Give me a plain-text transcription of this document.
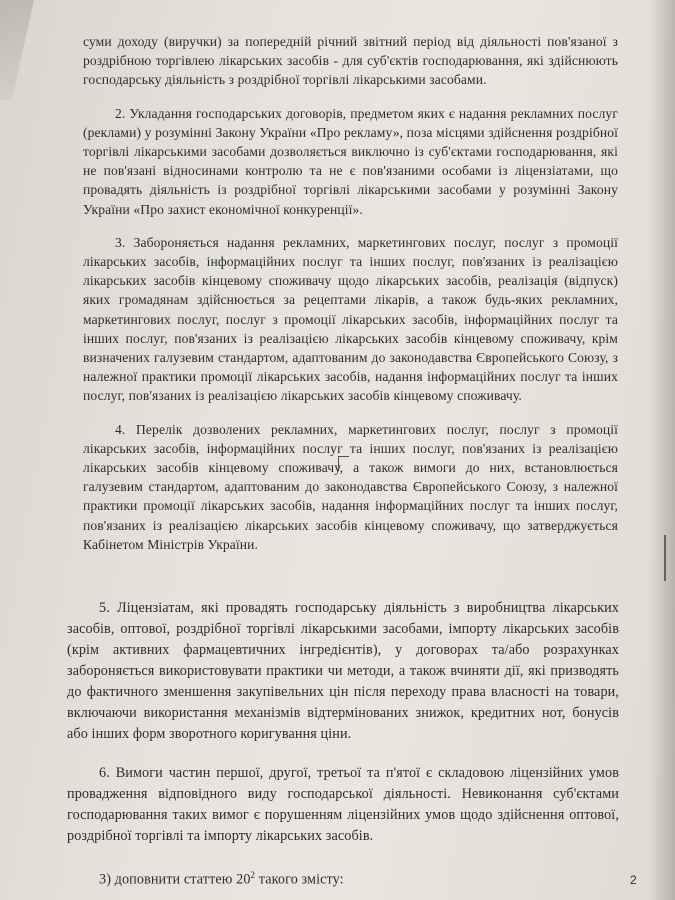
суми доходу (виручки) за попередній річний звітний період від діяльності пов'язаної з роздрібною торгівлею лікарських засобів - для суб'єктів господарювання, які здійснюють господарську діяльність з роздрібної торгівлі лікарськими засобами.

2. Укладання господарських договорів, предметом яких є надання рекламних послуг (реклами) у розумінні Закону України «Про рекламу», поза місцями здійснення роздрібної торгівлі лікарськими засобами дозволяється виключно із суб'єктами господарювання, які не пов'язані відносинами контролю та не є пов'язаними особами із ліцензіатами, що провадять діяльність із роздрібної торгівлі лікарськими засобами у розумінні Закону України «Про захист економічної конкуренції».

3. Забороняється надання рекламних, маркетингових послуг, послуг з промоції лікарських засобів, інформаційних послуг та інших послуг, пов'язаних із реалізацією лікарських засобів кінцевому споживачу щодо лікарських засобів, реалізація (відпуск) яких громадянам здійснюється за рецептами лікарів, а також будь-яких рекламних, маркетингових послуг, послуг з промоції лікарських засобів, інформаційних послуг та інших послуг, пов'язаних із реалізацією лікарських засобів кінцевому споживачу, крім визначених галузевим стандартом, адаптованим до законодавства Європейського Союзу, з належної практики промоції лікарських засобів, надання інформаційних послуг та інших послуг, пов'язаних із реалізацією лікарських засобів кінцевому споживачу.

4. Перелік дозволених рекламних, маркетингових послуг, послуг з промоції лікарських засобів, інформаційних послуг та інших послуг, пов'язаних із реалізацією лікарських засобів кінцевому споживачу, а також вимоги до них, встановлюється галузевим стандартом, адаптованим до законодавства Європейського Союзу, з належної практики промоції лікарських засобів, надання інформаційних послуг та інших послуг, пов'язаних із реалізацією лікарських засобів кінцевому споживачу, що затверджується Кабінетом Міністрів України.

5. Ліцензіатам, які провадять господарську діяльність з виробництва лікарських засобів, оптової, роздрібної торгівлі лікарськими засобами, імпорту лікарських засобів (крім активних фармацевтичних інгредієнтів), у договорах та/або розрахунках забороняється використовувати практики чи методи, а також вчиняти дії, які призводять до фактичного зменшення закупівельних цін після переходу права власності на товари, включаючи використання механізмів відтермінованих знижок, кредитних нот, бонусів або інших форм зворотного коригування ціни.

6. Вимоги частин першої, другої, третьої та п'ятої є складовою ліцензійних умов провадження відповідного виду господарської діяльності. Невиконання суб'єктами господарювання таких вимог є порушенням ліцензійних умов щодо здійснення оптової, роздрібної торгівлі та імпорту лікарських засобів.

3) доповнити статтею $20^2$ такого змісту:	2
